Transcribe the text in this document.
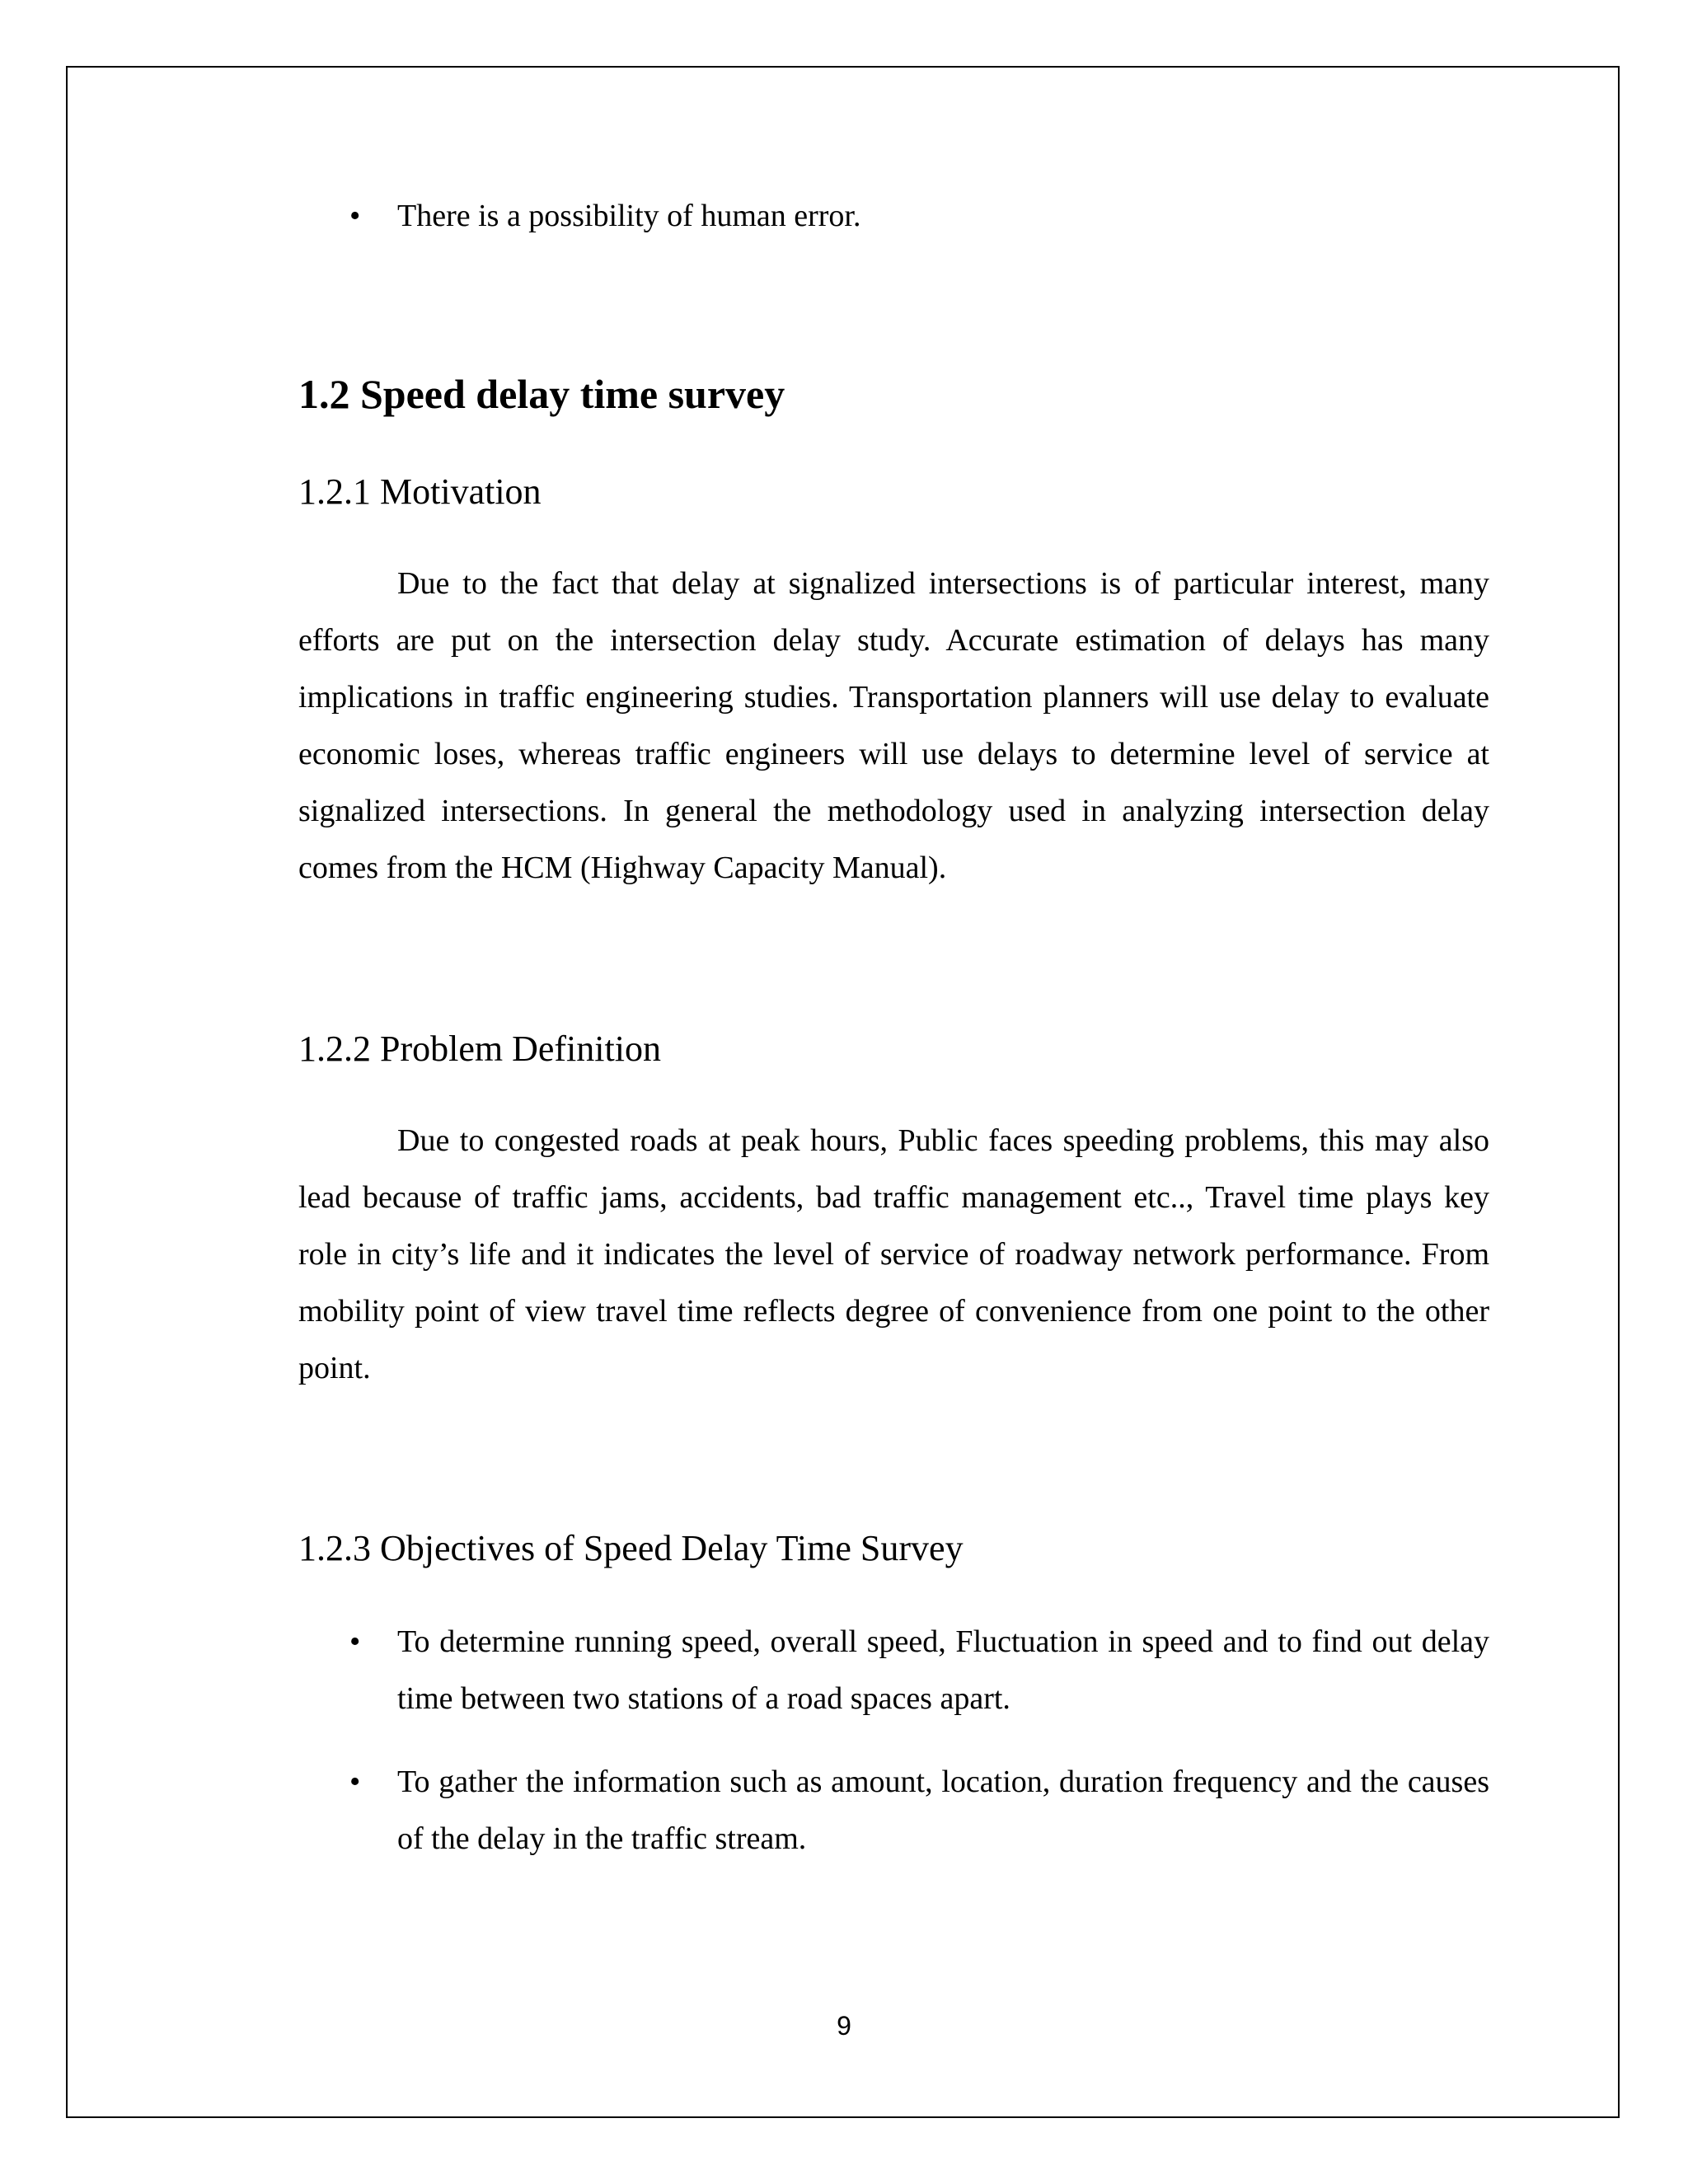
• There is a possibility of human error.
1.2 Speed delay time survey
1.2.1 Motivation

Due to the fact that delay at signalized intersections is of particular interest, many efforts are put on the intersection delay study. Accurate estimation of delays has many implications in traffic engineering studies. Transportation planners will use delay to evaluate economic loses, whereas traffic engineers will use delays to determine level of service at signalized intersections. In general the methodology used in analyzing intersection delay comes from the HCM (Highway Capacity Manual).

1.2.2 Problem Definition

Due to congested roads at peak hours, Public faces speeding problems, this may also lead because of traffic jams, accidents, bad traffic management etc.., Travel time plays key role in city’s life and it indicates the level of service of roadway network performance. From mobility point of view travel time reflects degree of convenience from one point to the other point.

1.2.3 Objectives of Speed Delay Time Survey
• To determine running speed, overall speed, Fluctuation in speed and to find out delay time between two stations of a road spaces apart.
• To gather the information such as amount, location, duration frequency and the causes of the delay in the traffic stream.
9
